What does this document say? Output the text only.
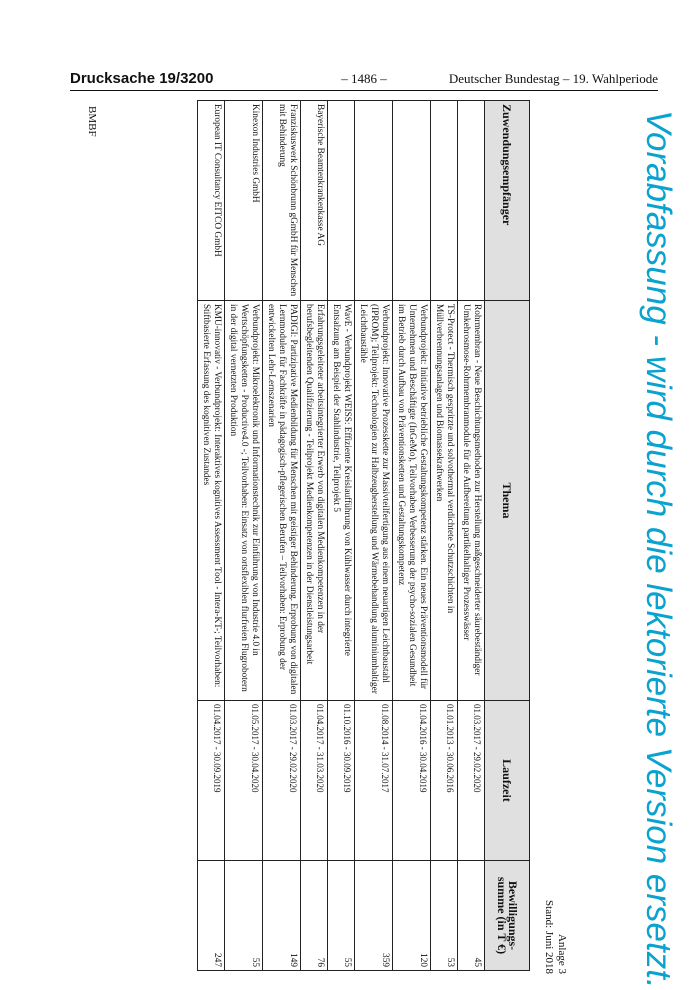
Drucksache 19/3200	– 1486 –	Deutscher Bundestag – 19. Wahlperiode
Vorabfassung - wird durch die lektorierte Version ersetzt.
Anlage 3
Stand: Juni 2018
Zuwendungsempfänger	Thema	Laufzeit	Bewilligungs-summe (in T €)
	Rohrmembran - Neue Beschichtungsmethoden zur Herstellung maßgeschneiderter säurebeständiger Umkehrosmose-Rohrmembranmodule für die Aufbereitung partikelhaltiger Prozesswässer	01.03.2017 - 29.02.2020	45
	TS-Protect - Thermisch gespritzte und solvothermal verdichtete Schutzschichten in Müllverbrennungsanlagen und Biomassekraftwerken	01.01.2013 - 30.06.2016	53
	Verbundprojekt: Initiative betriebliche Gestaltungskompetenz stärken. Ein neues Präventionsmodell für Unternehmen und Beschäftigte (InGeMo), Teilvorhaben Verbesserung der psycho-sozialen Gesundheit im Betrieb durch Aufbau von Präventionsketten und Gestaltungskompetenz	01.04.2016 - 30.04.2019	120
	Verbundprojekt: Innovative Prozesskette zur Massivteilfertigung aus einem neuartigen Leichtbaustahl (IPROM); Teilprojekt: Technologien zur Halbzeugherstellung und Wärmebehandlung aluminiumhaltiger Leichtbaustähle	01.08.2014 - 31.07.2017	359
	WavE - Verbundprojekt WEISS: Effiziente Kreislaufführung von Kühlwasser durch integrierte Entsalzung am Beispiel der Stahlindustrie, Teilprojekt 5	01.10.2016 - 30.09.2019	55
Bayerische Beamtenkrankenkasse AG	Erfahrungsgeleiteter arbeitsintegrierter Erwerb von digitalen Medienkompetenzen in der berufsbegleitenden Qualifizierung - Teilprojekt Medienkompetenzen in der Dienstleistungsarbeit	01.04.2017 - 31.03.2020	76
Franziskuswerk Schönbrunn gGmbH für Menschen mit Behinderung	PADIGI: Partizipative Medienbildung für Menschen mit geistiger Behinderung. Erprobung von digitalen Lernmodulen für Fachkräfte in pädagogisch-pflegerischen Berufen – Teilvorhaben: Erprobung der entwickelten Lehr-Lernszenarien	01.03.2017 - 29.02.2020	149
Kinexon Industries GmbH	Verbundprojekt: Mikroelektronik und Informationstechnik zur Einführung von Industrie 4.0 in Wertschöpfungsketten - Productive4.0 -; Teilvorhaben: Einsatz von ortsflexiblen flurfreien Flugrobotern in der digital vernetzten Produktion	01.05.2017 - 30.04.2020	55
European IT Consultancy EITCO GmbH	KMU-innovativ - Verbundprojekt: Interaktives kognitives Assessment Tool - Intera-KT-; Teilvorhaben: Stiftbasierte Erfassung des kognitiven Zustandes	01.04.2017 - 30.09.2019	247
BMBF
